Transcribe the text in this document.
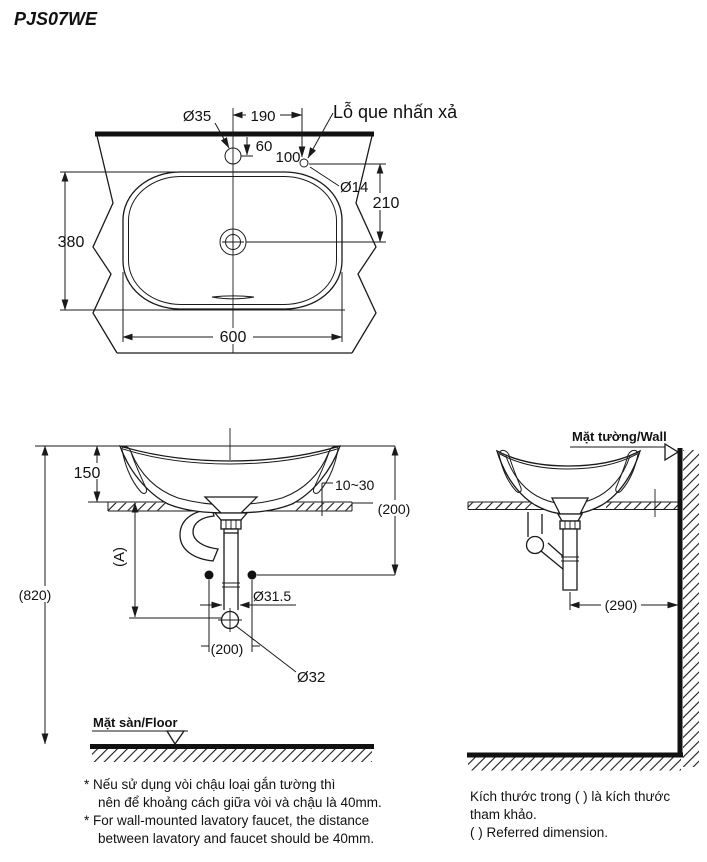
PJS07WE
380
600
210
190
100
60
Ø35	Lỗ que nhấn xả
Ø14
(200)
Ø32
Ø31.5
150
10~30
(200)
(A)
(820)
Mặt sàn/Floor
(290)
Mặt tường/Wall
* Nếu sử dụng vòi chậu loại gắn tường thì
nên để khoảng cách giữa vòi và chậu là 40mm.
* For wall-mounted lavatory faucet, the distance
between lavatory and faucet should be 40mm.
Kích thước trong ( ) là kích thước
tham khảo.
( ) Referred dimension.
